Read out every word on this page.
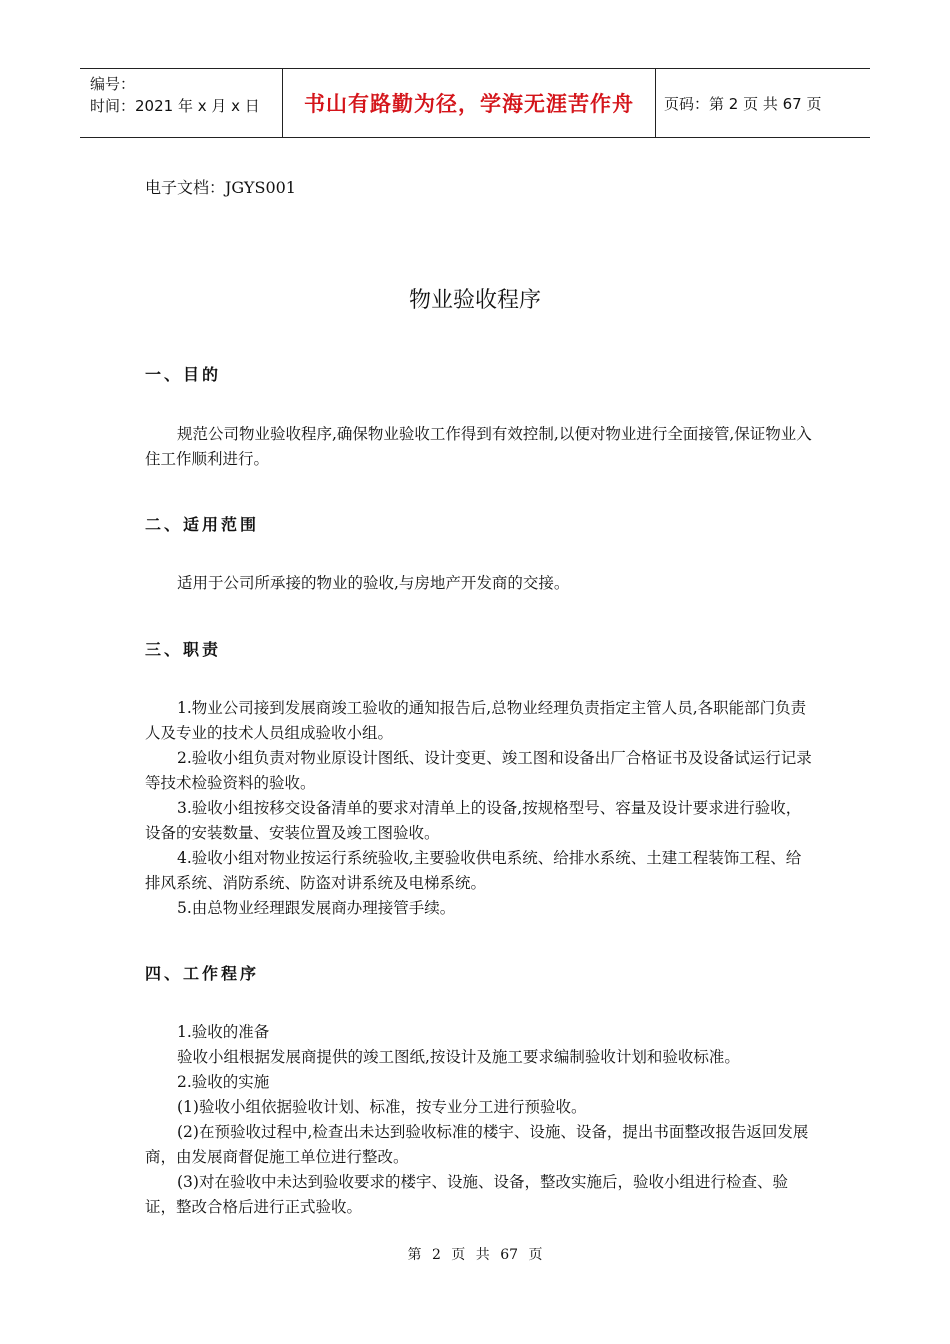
编号：
时间：2021 年 x 月 x 日	书山有路勤为径，学海无涯苦作舟	页码：第 2 页 共 67 页
电子文档：JGYS001
物业验收程序
一、目的

规范公司物业验收程序,确保物业验收工作得到有效控制,以便对物业进行全面接管,保证物业入住工作顺利进行。

二、适用范围

适用于公司所承接的物业的验收,与房地产开发商的交接。

三、职责

1.物业公司接到发展商竣工验收的通知报告后,总物业经理负责指定主管人员,各职能部门负责人及专业的技术人员组成验收小组。

2.验收小组负责对物业原设计图纸、设计变更、竣工图和设备出厂合格证书及设备试运行记录等技术检验资料的验收。

3.验收小组按移交设备清单的要求对清单上的设备,按规格型号、容量及设计要求进行验收，设备的安装数量、安装位置及竣工图验收。

4.验收小组对物业按运行系统验收,主要验收供电系统、给排水系统、土建工程装饰工程、给排风系统、消防系统、防盗对讲系统及电梯系统。

5.由总物业经理跟发展商办理接管手续。

四、工作程序

1.验收的准备

验收小组根据发展商提供的竣工图纸,按设计及施工要求编制验收计划和验收标准。

2.验收的实施

(1)验收小组依据验收计划、标准，按专业分工进行预验收。

(2)在预验收过程中,检查出未达到验收标准的楼宇、设施、设备，提出书面整改报告返回发展商，由发展商督促施工单位进行整改。

(3)对在验收中未达到验收要求的楼宇、设施、设备，整改实施后，验收小组进行检查、验证，整改合格后进行正式验收。

第 2 页 共 67 页
